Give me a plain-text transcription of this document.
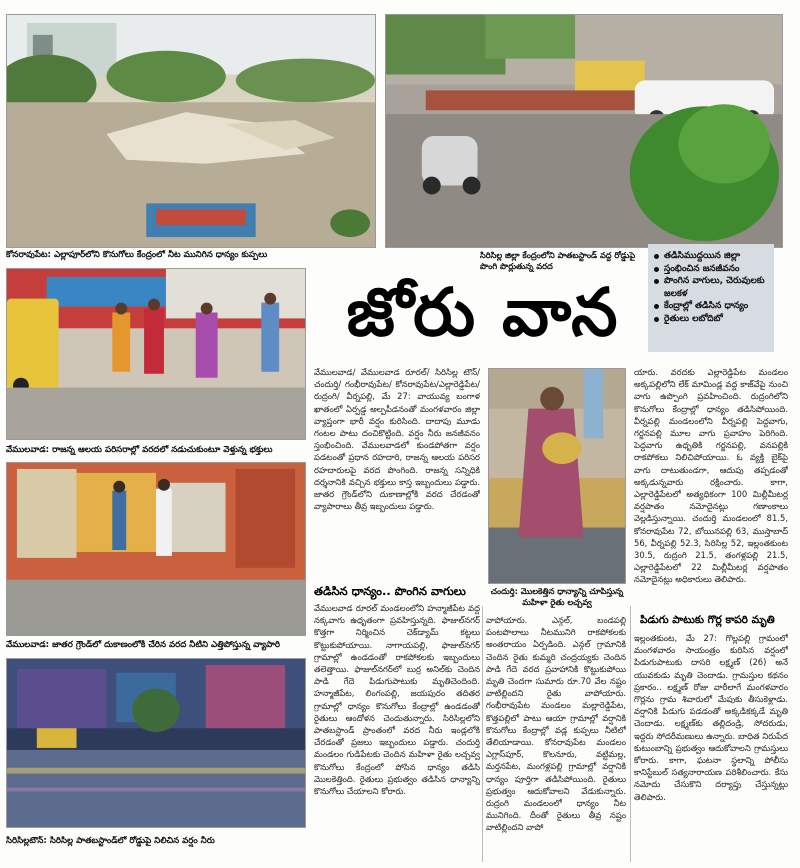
కోనరావుపేట: ఎల్లాపూర్‌లోని కొనుగోలు కేంద్రంలో నీట మునిగిన ధాన్యం కుప్పలు	సిరిసిల్ల జిల్లా కేంద్రంలోని పాతబస్టాండ్ వద్ద రోడ్డుపై పొంగి పొర్లుతున్న వరద
తడిసిముద్దయిన జిల్లా
స్తంభించిన జనజీవనం
పొంగిన వాగులు, చెరువులకు జలకళ
కేంద్రాల్లో తడిసిన ధాన్యం
రైతులు లబోదిబో
జోరు వాన
వేములవాడ: రాజన్న ఆలయ పరిసరాల్లో వరదలో నడుచుకుంటూ వెళ్తున్న భక్తులు
వేములవాడ: జాతర గ్రౌండ్‌లో దుకాణంలోకి చేరిన వరద నీటిని ఎత్తిపోస్తున్న వ్యాపారి
సిరిసిల్లటౌన్: సిరిసిల్ల పాతబస్టాండ్‌లో రోడ్డుపై నిలిచిన వర్షం నీరు
చందుర్తి: మొలకెత్తిన ధాన్యాన్ని చూపిస్తున్న మహిళా రైతు లచ్చవ్వ

వేములవాడ/ వేములవాడ రూరల్/ సిరిసిల్ల టౌన్/ చందుర్తి/ గంభీరావుపేట/ కోనరావుపేట/ఎల్లారెడ్డిపేట/ రుద్రంగి/ వీర్నపల్లి, మే 27: వాయువ్య బంగాళ ఖాతంలో ఏర్పడ్డ అల్పపీడనంతో మంగళవారం జిల్లా వ్యాప్తంగా భారీ వర్షం కురిసింది. దాదాపు మూడు గంటల పాటు దంచికొట్టింది. వర్షం నీరు జనజీవనం స్తంభించింది. వేములవాడలో కుండపోతగా వర్షం పడటంతో ప్రధాన రహదారి, రాజన్న ఆలయ పరిసర రహదారులపై వరద పొంగింది. రాజన్న సన్నిధికి దర్శనానికి వచ్చిన భక్తులు కాస్త ఇబ్బందులు పడ్డారు. జాతర గ్రౌండ్‌లోని దుకాణాల్లోకి వరద చేరడంతో వ్యాపారాలు తీవ్ర ఇబ్బందులు పడ్డారు.

తడిసిన ధాన్యం.. పొంగిన వాగులు

వేములవాడ రూరల్ మండలంలోని హన్మాజీపేట వద్ద నక్కవాగు ఉధృతంగా ప్రవహిస్తున్నది. ఫాజుల్‌నగర్ కొత్తగా నిర్మించిన చెక్‌డ్యామ్‌ కట్టలు కొట్టుకుపోయాయి. నాగాయపల్లి, ఫాజుల్‌నగర్ గ్రామాల్లో ఉండడంతో రాకపోకలకు ఇబ్బందులు తలెత్తాయి. ఫాజుల్‌నగర్‌లో బుర్ర అనిల్‌కు చెందిన పాడి గేదె పిడుగుపాటుకు మృతిచెందింది. హన్మాజీపేట, లింగంపల్లి, జయపురం తదితర గ్రామాల్లో ధాన్యం కొనుగోలు కేంద్రాల్లో ఉండడంతో రైతులు ఆందోళన చెందుతున్నారు. సిరిసిల్లలోని పాతబస్టాండ్ ప్రాంతంలో వరద నీరు ఇండ్లలోకి చేరడంతో ప్రజలు ఇబ్బందులు పడ్డారు. చందుర్తి మండలం గుడిపేటకు చెందిన మహిళా రైతు లచ్చవ్వ కొనుగోలు కేంద్రంలో పోసిన ధాన్యం తడిసి మొలకెత్తింది. రైతులు ప్రభుత్వం తడిసిన ధాన్యాన్ని కొనుగోలు చేయాలని కోరారు.

వాపోయారు. ఎన్గల్, బండపల్లి పంటపొలాలు నీటమునిగి రాకపోకలకు అంతరాయం ఏర్పడింది. ఎన్గల్ గ్రామానికి చెందిన రైతు కుమ్మరి చంద్రయ్యకు చెందిన పాడి గేదె వరద ప్రవాహానికి కొట్టుకుపోయి మృతి చెందగా సుమారు రూ.70 వేల నష్టం వాటిల్లిందని రైతు వాపోయారు. గంభీరావుపేట మండలం మల్లారెడ్డిపేట, కొత్తపల్లిలో పాటు ఆయా గ్రామాల్లో వర్షానికి కొనుగోలు కేంద్రాల్లో వడ్ల కుప్పలు నీటిలో తేలియాడాయి. కోనరావుపేట మండలం ఎగ్లాస్‌పూర్, కొలనూరు, వట్టిమల్ల, మర్తనపేట, మంగళ్లపల్లి గ్రామాల్లో వర్షానికి ధాన్యం పూర్తిగా తడిసిపోయింది. రైతులు ప్రభుత్వం ఆదుకోవాలని వేడుకున్నారు. రుద్రంగి మండలంలో ధాన్యం నీట మునిగింది. దీంతో రైతులు తీవ్ర నష్టం వాటిల్లిందని వాపో

యారు. వరదకు ఎల్లారెడ్డిపేట మండలం అక్కపల్లిలోని లేక్ మామిండ్ల వద్ద కాజ్‌వేపై నుంచి వాగు ఉప్పొంగి ప్రవహించింది. రుద్రంగిలోని కొనుగోలు కేంద్రాల్లో ధాన్యం తడిసిపోయింది. వీర్నపల్లి మండలంలోని వీర్నపల్లి పెద్దవాగు, గర్జనపల్లి మూల వాగు ప్రవాహం పెరిగింది. పెద్దవాగు ఉధృతికి గర్జనపల్లి, వనపల్లికి రాకపోకలు నిలిచిపోయాయి. ఓ వ్యక్తి బైక్‌పై వాగు దాటుతుండగా, ఆదుపు తప్పడంతో అక్కడున్నవారు రక్షించారు. కాగా, ఎల్లారెడ్డిపేటలో అత్యధికంగా 100 మిల్లీమీటర్ల వర్షపాతం నమోదైనట్లు గణాంకాలు వెల్లడిస్తున్నాయి. చందుర్తి మండలంలో 81.5, కోనరావుపేట 72, బోయినపల్లి 63, ముస్తాబాద్ 56, వీర్నపల్లి 52.3, సిరిసిల్ల 52, ఇల్లంతకుంట 30.5, రుద్రంగి 21.5, తంగళ్లపల్లి 21.5, ఎల్లారెడ్డిపేటలో 22 మిల్లీమీటర్ల వర్షపాతం నమోదైనట్లు అధికారులు తెలిపారు.

పిడుగు పాటుకు గొర్ల కాపరి మృతి

ఇల్లంతకుంట, మే 27: గొల్లపల్లి గ్రామంలో మంగళవారం సాయంత్రం కురిసిన వర్షంలో పిడుగుపాటుకు దాసరి లక్ష్మణ్ (26) అనే యువకుడు మృతి చెందాడు. గ్రామస్తుల కథనం ప్రకారం.. లక్ష్మణ్ రోజు వారీలాగే మంగళవారం గొర్లను గ్రామ శివారులో మేపుకు తీసుకెళ్లాడు. వర్షానికి పిడుగు పడడంతో అక్కడికక్కడే మృతి చెందాడు. లక్ష్మణ్‌కు తల్లిదండ్రి, సోదరుడు, ఇద్దరు సోదరీమణులు ఉన్నారు. బాధిత నిరుపేద కుటుంబాన్ని ప్రభుత్వం ఆదుకోవాలని గ్రామస్తులు కోరారు. కాగా, ఘటనా స్థలాన్ని పోలీసు కానిస్టేబుల్ సత్యనారాయణ పరిశీలించారు. కేసు నమోదు చేసుకొని దర్యాప్తు చేస్తున్నట్లు తెలిపారు.
